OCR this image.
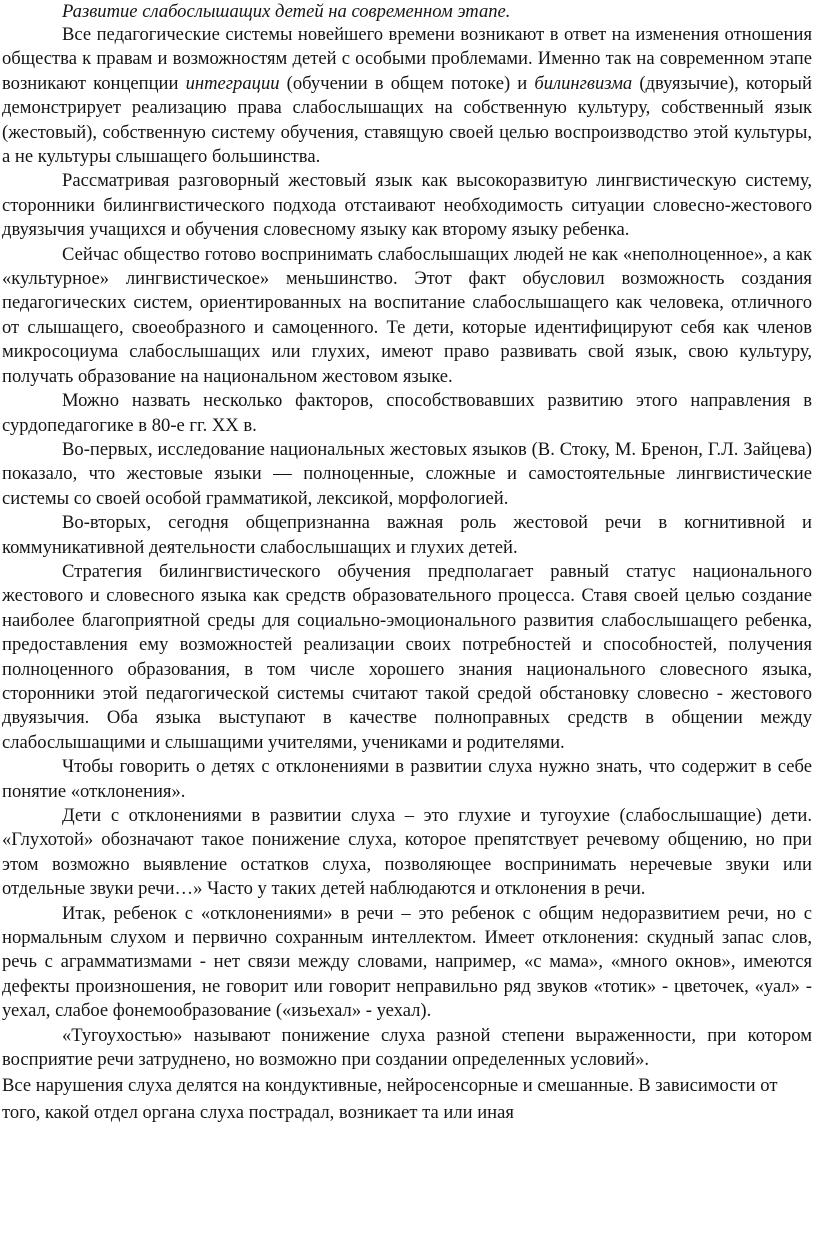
Развитие слабослышащих детей на современном этапе.

Все педагогические системы новейшего времени возникают в ответ на изменения отношения общества к правам и возможностям детей с особыми проблемами. Именно так на современном этапе возникают концепции интеграции (обучении в общем потоке) и билингвизма (двуязычие), который демонстрирует реализацию права слабослышащих на собственную культуру, собственный язык (жестовый), собственную систему обучения, ставящую своей целью воспроизводство этой культуры, а не культуры слышащего большинства.

Рассматривая разговорный жестовый язык как высокоразвитую лингвистическую систему, сторонники билингвистического подхода отстаивают необходимость ситуации словесно-жестового двуязычия учащихся и обучения словесному языку как второму языку ребенка.

Сейчас общество готово воспринимать слабослышащих людей не как «неполноценное», а как «культурное» лингвистическое» меньшинство. Этот факт обусловил возможность создания педагогических систем, ориентированных на воспитание слабослышащего как человека, отличного от слышащего, своеобразного и самоценного. Те дети, которые идентифицируют себя как членов микросоциума слабослышащих или глухих, имеют право развивать свой язык, свою культуру, получать образование на национальном жестовом языке.

Можно назвать несколько факторов, способствовавших развитию этого направления в сурдопедагогике в 80-е гг. XX в.

Во-первых, исследование национальных жестовых языков (В. Стоку, М. Бренон, Г.Л. Зайцева) показало, что жестовые языки — полноценные, сложные и самостоятельные лингвистические системы со своей особой грамматикой, лексикой, морфологией.

Во-вторых, сегодня общепризнанна важная роль жестовой речи в когнитивной и коммуникативной деятельности слабослышащих и глухих детей.

Стратегия билингвистического обучения предполагает равный статус национального жестового и словесного языка как средств образовательного процесса. Ставя своей целью создание наиболее благоприятной среды для социально-эмоционального развития слабослышащего ребенка, предоставления ему возможностей реализации своих потребностей и способностей, получения полноценного образования, в том числе хорошего знания национального словесного языка, сторонники этой педагогической системы считают такой средой обстановку словесно - жестового двуязычия. Оба языка выступают в качестве полноправных средств в общении между слабослышащими и слышащими учителями, учениками и родителями.

Чтобы говорить о детях с отклонениями в развитии слуха нужно знать, что содержит в себе понятие «отклонения».

Дети с отклонениями в развитии слуха – это глухие и тугоухие (слабослышащие) дети. «Глухотой» обозначают такое понижение слуха, которое препятствует речевому общению, но при этом возможно выявление остатков слуха, позволяющее воспринимать неречевые звуки или отдельные звуки речи…» Часто у таких детей наблюдаются и отклонения в речи.

Итак, ребенок с «отклонениями» в речи – это ребенок с общим недоразвитием речи, но с нормальным слухом и первично сохранным интеллектом. Имеет отклонения: скудный запас слов, речь с аграмматизмами - нет связи между словами, например, «с мама», «много окнов», имеются дефекты произношения, не говорит или говорит неправильно ряд звуков «тотик» - цветочек, «уал» - уехал, слабое фонемообразование («изьехал» - уехал).

«Тугоухостью» называют понижение слуха разной степени выраженности, при котором восприятие речи затруднено, но возможно при создании определенных условий».

Все нарушения слуха делятся на кондуктивные, нейросенсорные и смешанные. В зависимости от того, какой отдел органа слуха пострадал, возникает та или иная
